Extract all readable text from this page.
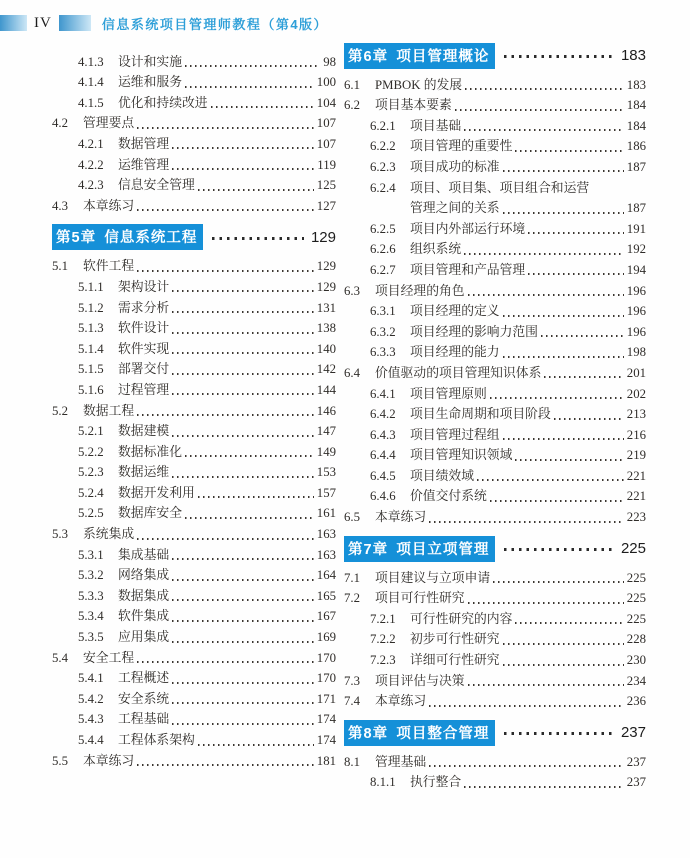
IV	信息系统项目管理师教程（第4版）
4.1.3	设计和实施	98
4.1.4	运维和服务	100
4.1.5	优化和持续改进	104
4.2	管理要点	107
4.2.1	数据管理	107
4.2.2	运维管理	119
4.2.3	信息安全管理	125
4.3	本章练习	127
第5章 信息系统工程	129
5.1	软件工程	129
5.1.1	架构设计	129
5.1.2	需求分析	131
5.1.3	软件设计	138
5.1.4	软件实现	140
5.1.5	部署交付	142
5.1.6	过程管理	144
5.2	数据工程	146
5.2.1	数据建模	147
5.2.2	数据标准化	149
5.2.3	数据运维	153
5.2.4	数据开发利用	157
5.2.5	数据库安全	161
5.3	系统集成	163
5.3.1	集成基础	163
5.3.2	网络集成	164
5.3.3	数据集成	165
5.3.4	软件集成	167
5.3.5	应用集成	169
5.4	安全工程	170
5.4.1	工程概述	170
5.4.2	安全系统	171
5.4.3	工程基础	174
5.4.4	工程体系架构	174
5.5	本章练习	181
第6章 项目管理概论	183
6.1	PMBOK 的发展	183
6.2	项目基本要素	184
6.2.1	项目基础	184
6.2.2	项目管理的重要性	186
6.2.3	项目成功的标准	187
6.2.4	项目、项目集、项目组合和运营
管理之间的关系	187
6.2.5	项目内外部运行环境	191
6.2.6	组织系统	192
6.2.7	项目管理和产品管理	194
6.3	项目经理的角色	196
6.3.1	项目经理的定义	196
6.3.2	项目经理的影响力范围	196
6.3.3	项目经理的能力	198
6.4	价值驱动的项目管理知识体系	201
6.4.1	项目管理原则	202
6.4.2	项目生命周期和项目阶段	213
6.4.3	项目管理过程组	216
6.4.4	项目管理知识领域	219
6.4.5	项目绩效域	221
6.4.6	价值交付系统	221
6.5	本章练习	223
第7章 项目立项管理	225
7.1	项目建议与立项申请	225
7.2	项目可行性研究	225
7.2.1	可行性研究的内容	225
7.2.2	初步可行性研究	228
7.2.3	详细可行性研究	230
7.3	项目评估与决策	234
7.4	本章练习	236
第8章 项目整合管理	237
8.1	管理基础	237
8.1.1	执行整合	237
